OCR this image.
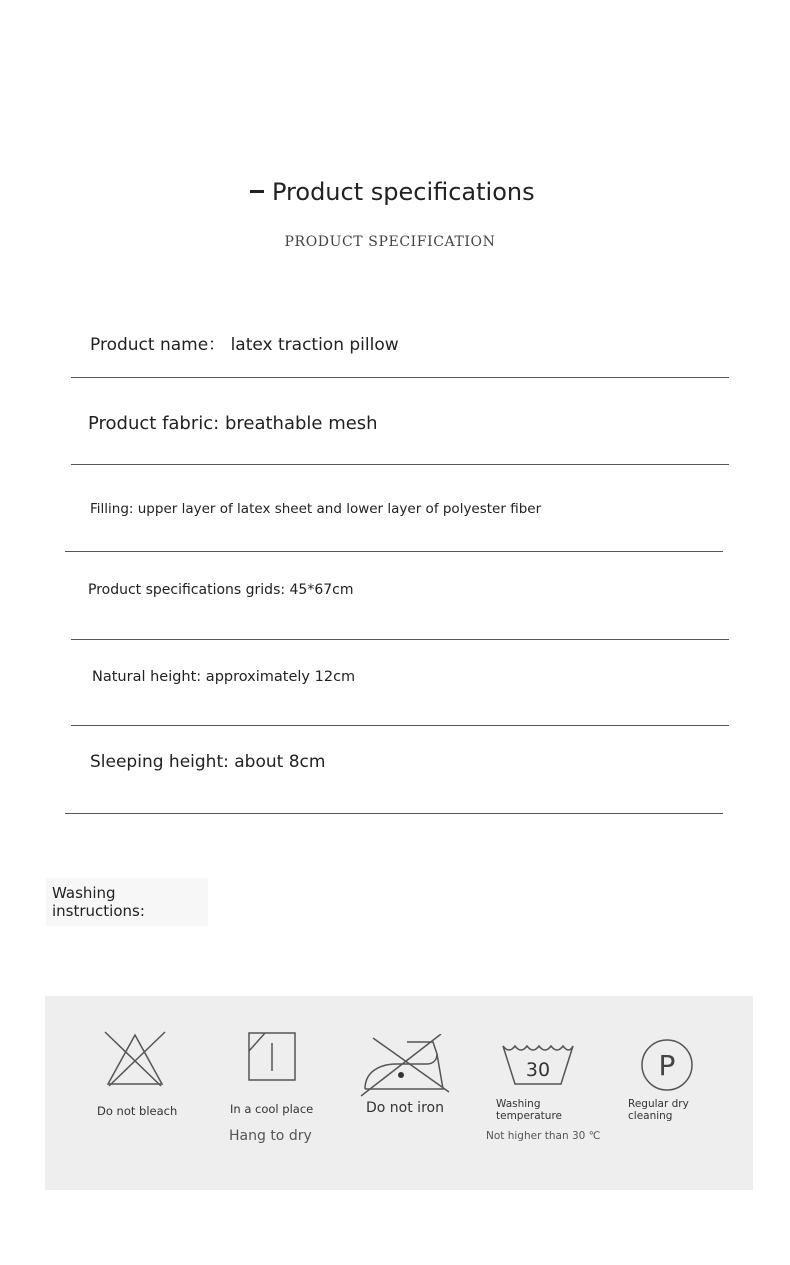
Product specifications
PRODUCT SPECIFICATION
Product name： latex traction pillow
Product fabric: breathable mesh
Filling: upper layer of latex sheet and lower layer of polyester fiber
Product specifications grids: 45*67cm
Natural height: approximately 12cm
Sleeping height: about 8cm
Washing instructions:
Do not bleach	In a cool place
Hang to dry
Do not iron
30
Washing temperature
Not higher than 30 ℃
P
Regular dry cleaning
